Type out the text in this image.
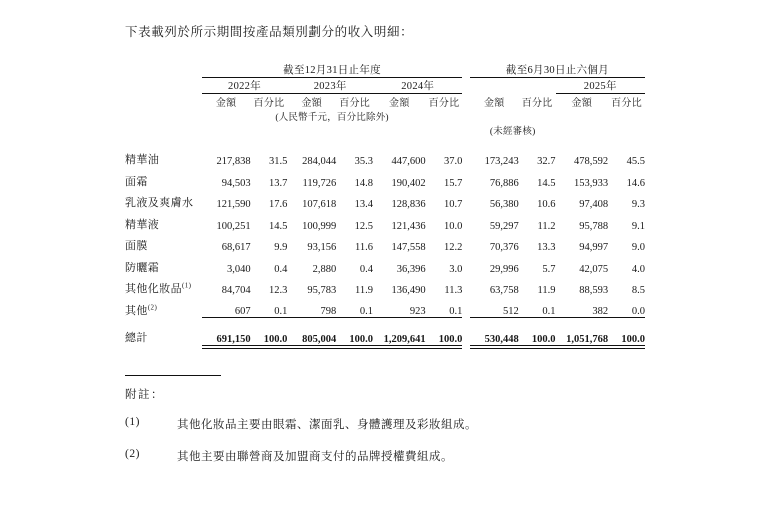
下表載列於所示期間按產品類別劃分的收入明細：
	截至12月31日止年度							截至6月30日止六個月			
	2022年		2023年		2024年					2025年	
	金額	百分比	金額	百分比	金額	百分比		金額	百分比	金額	百分比
	(人民幣千元，百分比除外)										
								(未經審核)			
精華油	217,838	31.5	284,044	35.3	447,600	37.0		173,243	32.7	478,592	45.5
面霜	94,503	13.7	119,726	14.8	190,402	15.7		76,886	14.5	153,933	14.6
乳液及爽膚水	121,590	17.6	107,618	13.4	128,836	10.7		56,380	10.6	97,408	9.3
精華液	100,251	14.5	100,999	12.5	121,436	10.0		59,297	11.2	95,788	9.1
面膜	68,617	9.9	93,156	11.6	147,558	12.2		70,376	13.3	94,997	9.0
防曬霜	3,040	0.4	2,880	0.4	36,396	3.0		29,996	5.7	42,075	4.0
其他化妝品$^{(1)}$	84,704	12.3	95,783	11.9	136,490	11.3		63,758	11.9	88,593	8.5
其他$^{(2)}$	607	0.1	798	0.1	923	0.1		512	0.1	382	0.0

總計	691,150	100.0	805,004	100.0	1,209,641	100.0		530,448	100.0	1,051,768	100.0

附註：
(1)	其他化妝品主要由眼霜、潔面乳、身體護理及彩妝組成。
(2)	其他主要由聯營商及加盟商支付的品牌授權費組成。
